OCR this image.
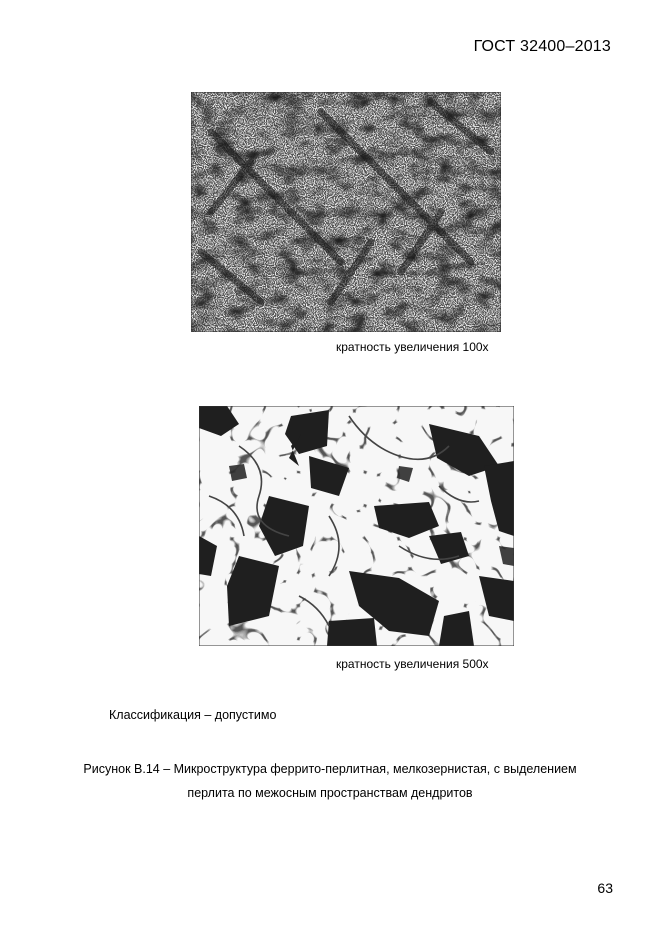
ГОСТ 32400–2013
кратность увеличения 100х
кратность увеличения 500х
Классификация – допустимо
Рисунок В.14 – Микроструктура феррито-перлитная, мелкозернистая, с выделением
перлита по межосным пространствам дендритов
63
